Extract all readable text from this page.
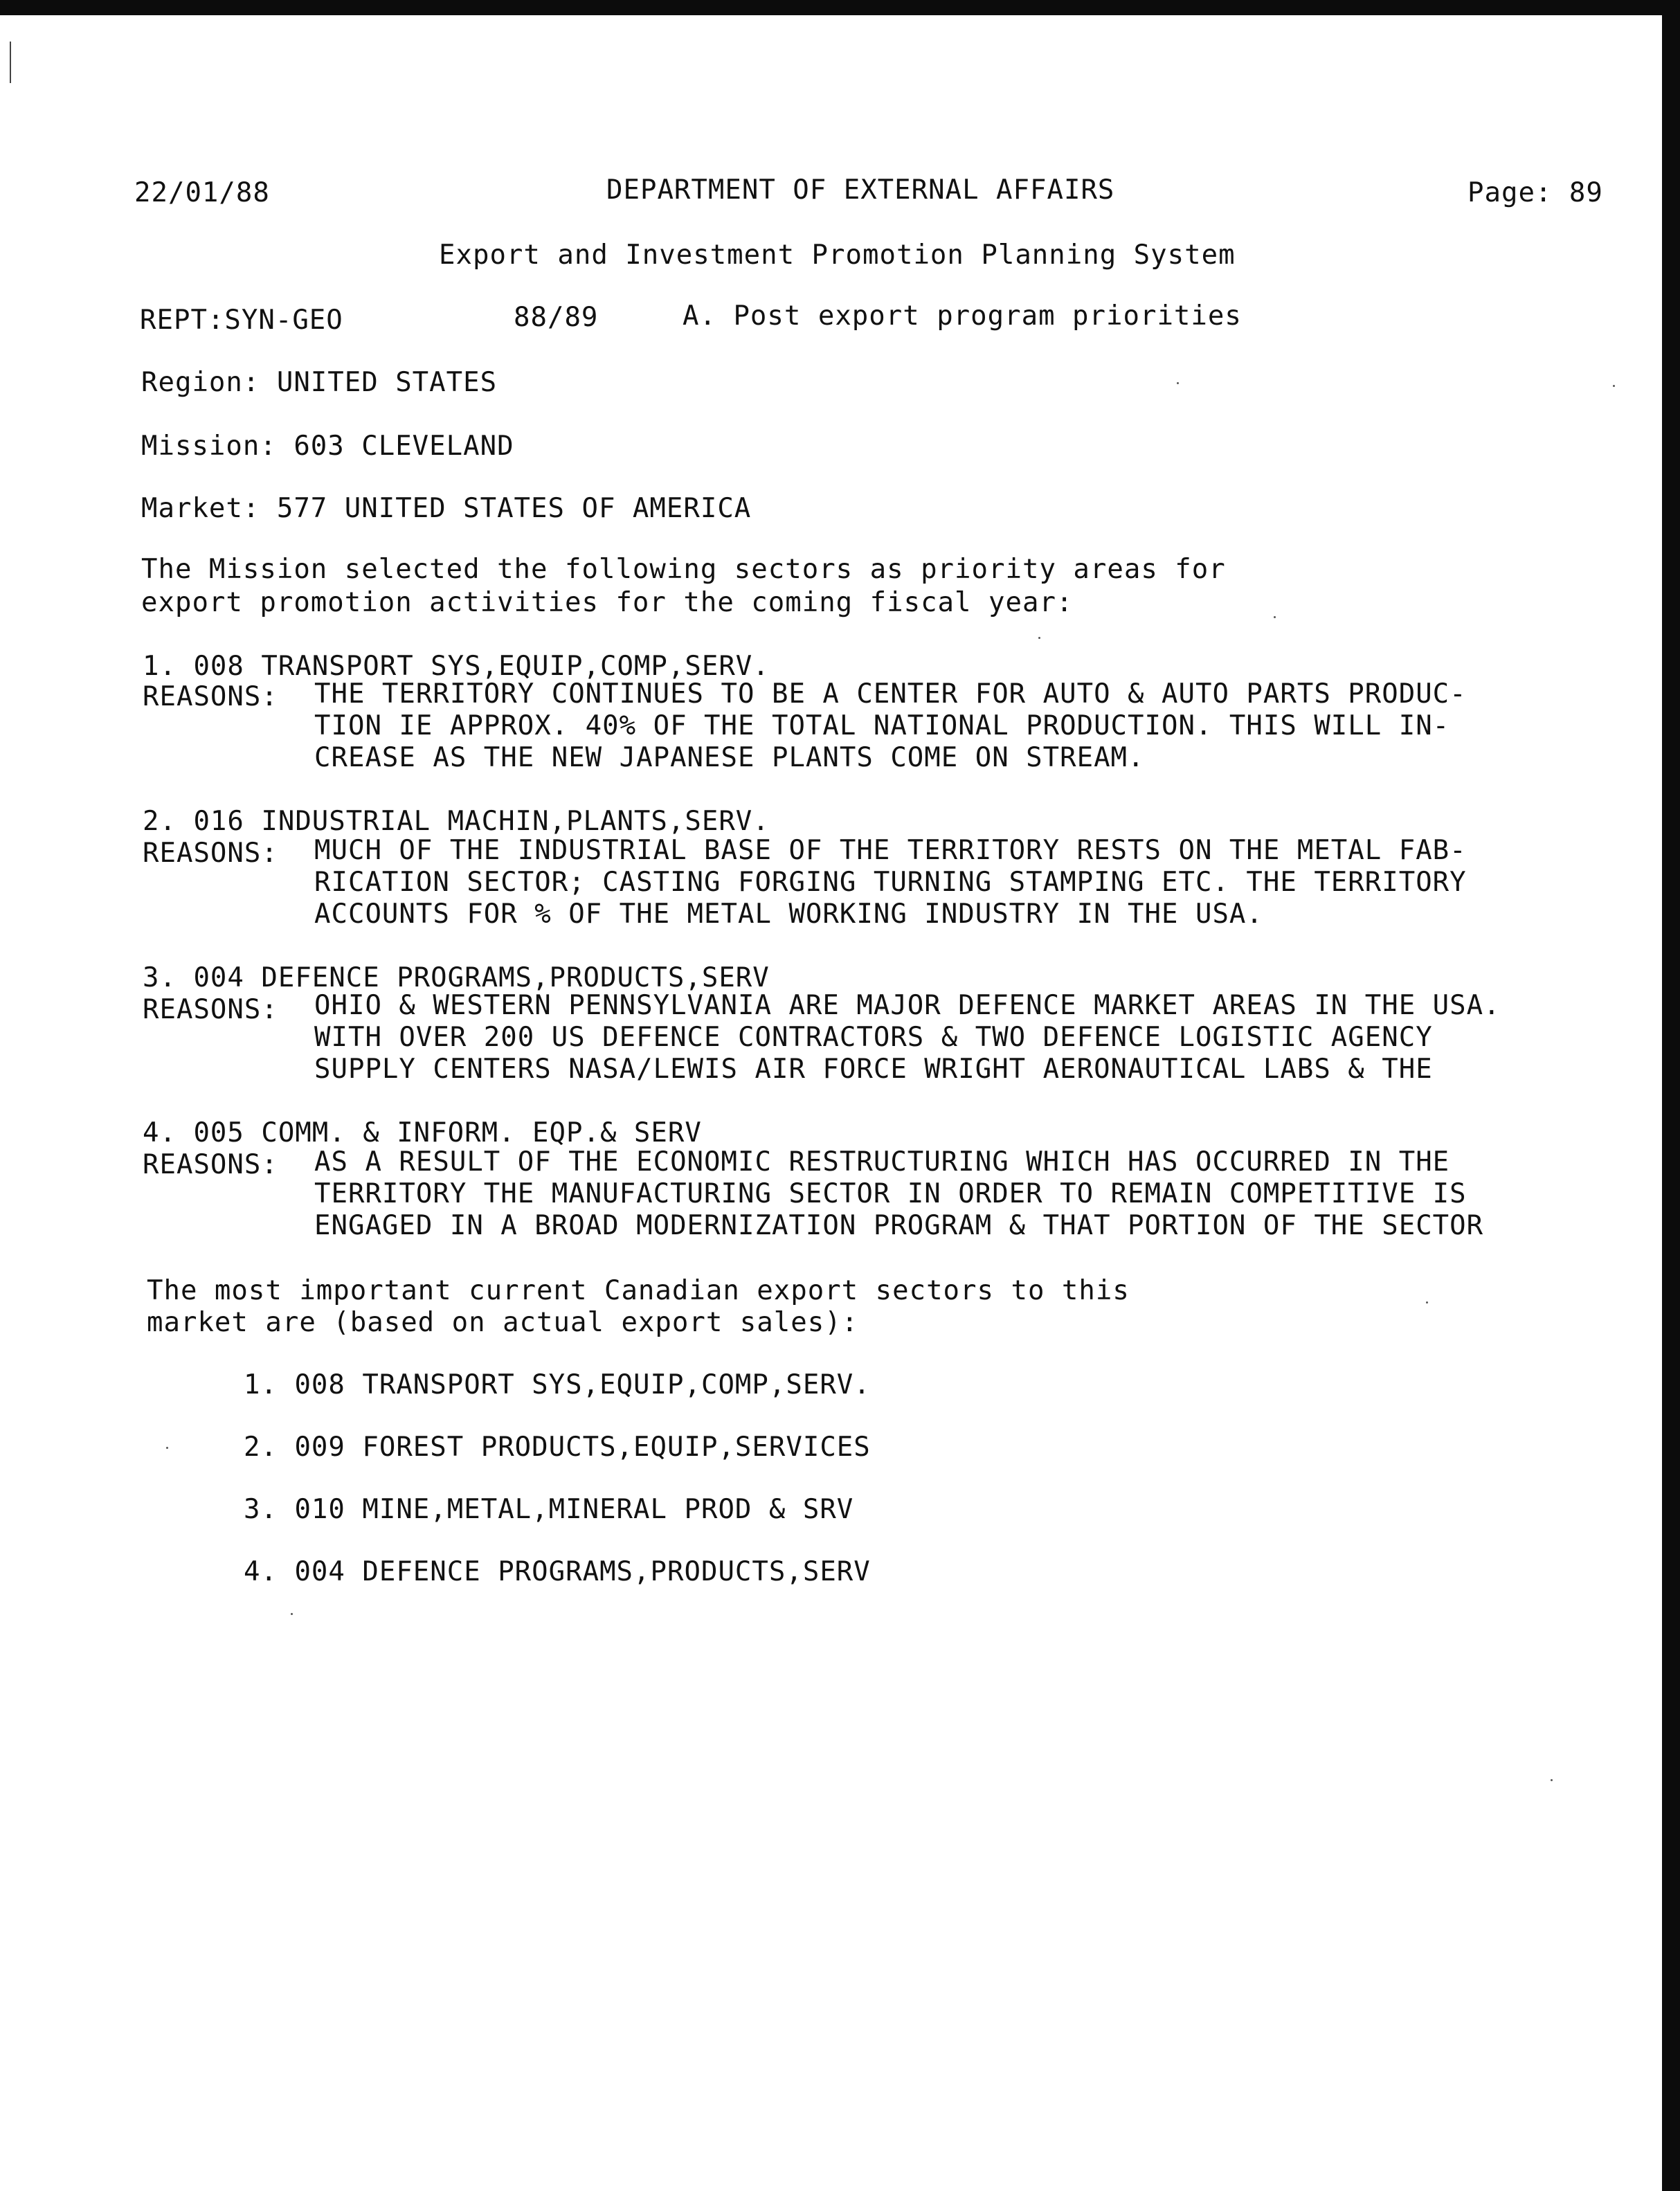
22/01/88	DEPARTMENT OF EXTERNAL AFFAIRS	Page: 89
Export and Investment Promotion Planning System
REPT:SYN-GEO	88/89	A. Post export program priorities
Region: UNITED STATES
Mission: 603 CLEVELAND
Market: 577 UNITED STATES OF AMERICA
The Mission selected the following sectors as priority areas for
export promotion activities for the coming fiscal year:
1. 008 TRANSPORT SYS,EQUIP,COMP,SERV.
REASONS: THE TERRITORY CONTINUES TO BE A CENTER FOR AUTO & AUTO PARTS PRODUC-
TION IE APPROX. 40% OF THE TOTAL NATIONAL PRODUCTION. THIS WILL IN-
CREASE AS THE NEW JAPANESE PLANTS COME ON STREAM.
2. 016 INDUSTRIAL MACHIN,PLANTS,SERV.
REASONS: MUCH OF THE INDUSTRIAL BASE OF THE TERRITORY RESTS ON THE METAL FAB-
RICATION SECTOR; CASTING FORGING TURNING STAMPING ETC. THE TERRITORY
ACCOUNTS FOR % OF THE METAL WORKING INDUSTRY IN THE USA.
3. 004 DEFENCE PROGRAMS,PRODUCTS,SERV
REASONS: OHIO & WESTERN PENNSYLVANIA ARE MAJOR DEFENCE MARKET AREAS IN THE USA.
WITH OVER 200 US DEFENCE CONTRACTORS & TWO DEFENCE LOGISTIC AGENCY
SUPPLY CENTERS NASA/LEWIS AIR FORCE WRIGHT AERONAUTICAL LABS & THE
4. 005 COMM. & INFORM. EQP.& SERV
REASONS: AS A RESULT OF THE ECONOMIC RESTRUCTURING WHICH HAS OCCURRED IN THE
TERRITORY THE MANUFACTURING SECTOR IN ORDER TO REMAIN COMPETITIVE IS
ENGAGED IN A BROAD MODERNIZATION PROGRAM & THAT PORTION OF THE SECTOR
The most important current Canadian export sectors to this
market are (based on actual export sales):
1. 008 TRANSPORT SYS,EQUIP,COMP,SERV.
2. 009 FOREST PRODUCTS,EQUIP,SERVICES
3. 010 MINE,METAL,MINERAL PROD & SRV
4. 004 DEFENCE PROGRAMS,PRODUCTS,SERV
